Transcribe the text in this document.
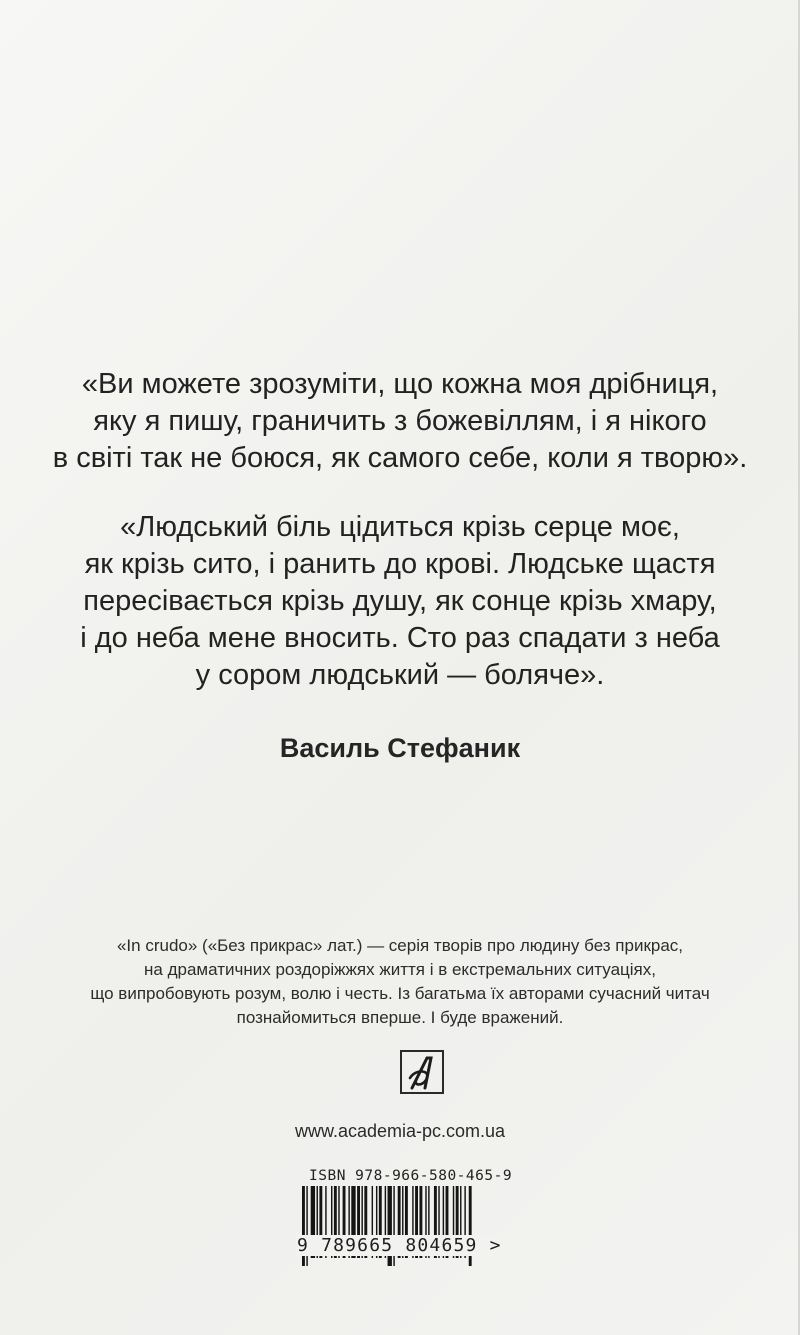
«Ви можете зрозуміти, що кожна моя дрібниця,
яку я пишу, граничить з божевіллям, і я нікого
в світі так не боюся, як самого себе, коли я творю».
«Людський біль цідиться крізь серце моє,
як крізь сито, і ранить до крові. Людське щастя
пересівається крізь душу, як сонце крізь хмару,
і до неба мене вносить. Сто раз спадати з неба
у сором людський — боляче».
Василь Стефаник
«In crudo» («Без прикрас» лат.) — серія творів про людину без прикрас,
на драматичних роздоріжжях життя і в екстремальних ситуаціях,
що випробовують розум, волю і честь. Із багатьма їх авторами сучасний читач
познайомиться вперше. І буде вражений.
www.academia-pc.com.ua
ISBN 978-966-580-465-9
9 789665 804659 >
